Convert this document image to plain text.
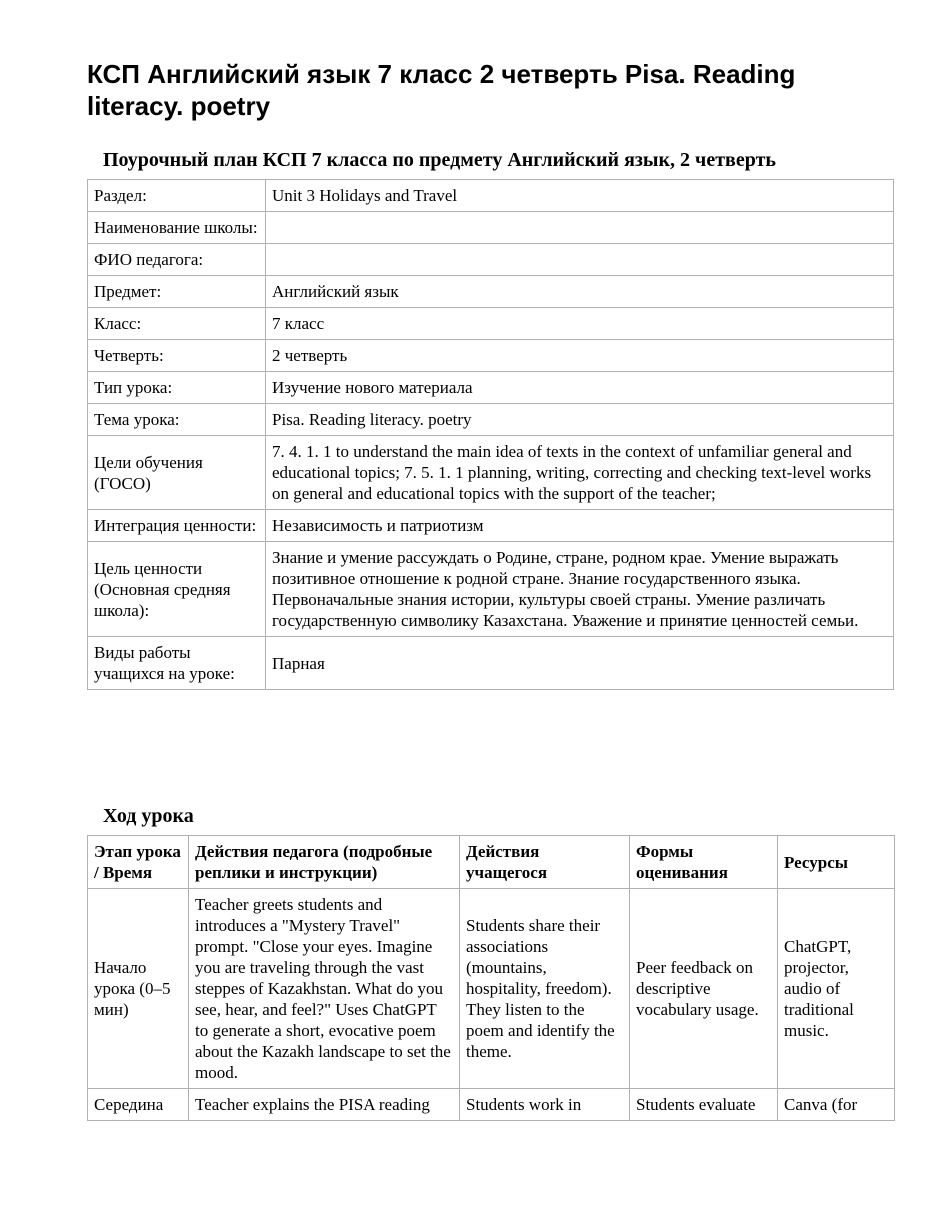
КСП Английский язык 7 класс 2 четверть Pisa. Reading literacy. poetry
Поурочный план КСП 7 класса по предмету Английский язык, 2 четверть
Раздел:	Unit 3 Holidays and Travel
Наименование школы:	
ФИО педагога:	
Предмет:	Английский язык
Класс:	7 класс
Четверть:	2 четверть
Тип урока:	Изучение нового материала
Тема урока:	Pisa. Reading literacy. poetry
Цели обучения (ГОСО)	7. 4. 1. 1 to understand the main idea of texts in the context of unfamiliar general and educational topics; 7. 5. 1. 1 planning, writing, correcting and checking text-level works on general and educational topics with the support of the teacher;
Интеграция ценности:	Независимость и патриотизм
Цель ценности (Основная средняя школа):	Знание и умение рассуждать о Родине, стране, родном крае. Умение выражать позитивное отношение к родной стране. Знание государственного языка. Первоначальные знания истории, культуры своей страны. Умение различать государственную символику Казахстана. Уважение и принятие ценностей семьи.
Виды работы учащихся на уроке:	Парная
Ход урока
Этап урока / Время	Действия педагога (подробные реплики и инструкции)	Действия учащегося	Формы оценивания	Ресурсы
Начало урока (0–5 мин)	Teacher greets students and introduces a "Mystery Travel" prompt. "Close your eyes. Imagine you are traveling through the vast steppes of Kazakhstan. What do you see, hear, and feel?" Uses ChatGPT to generate a short, evocative poem about the Kazakh landscape to set the mood.	Students share their associations (mountains, hospitality, freedom). They listen to the poem and identify the theme.	Peer feedback on descriptive vocabulary usage.	ChatGPT, projector, audio of traditional music.
Середина	Teacher explains the PISA reading	Students work in	Students evaluate	Canva (for
